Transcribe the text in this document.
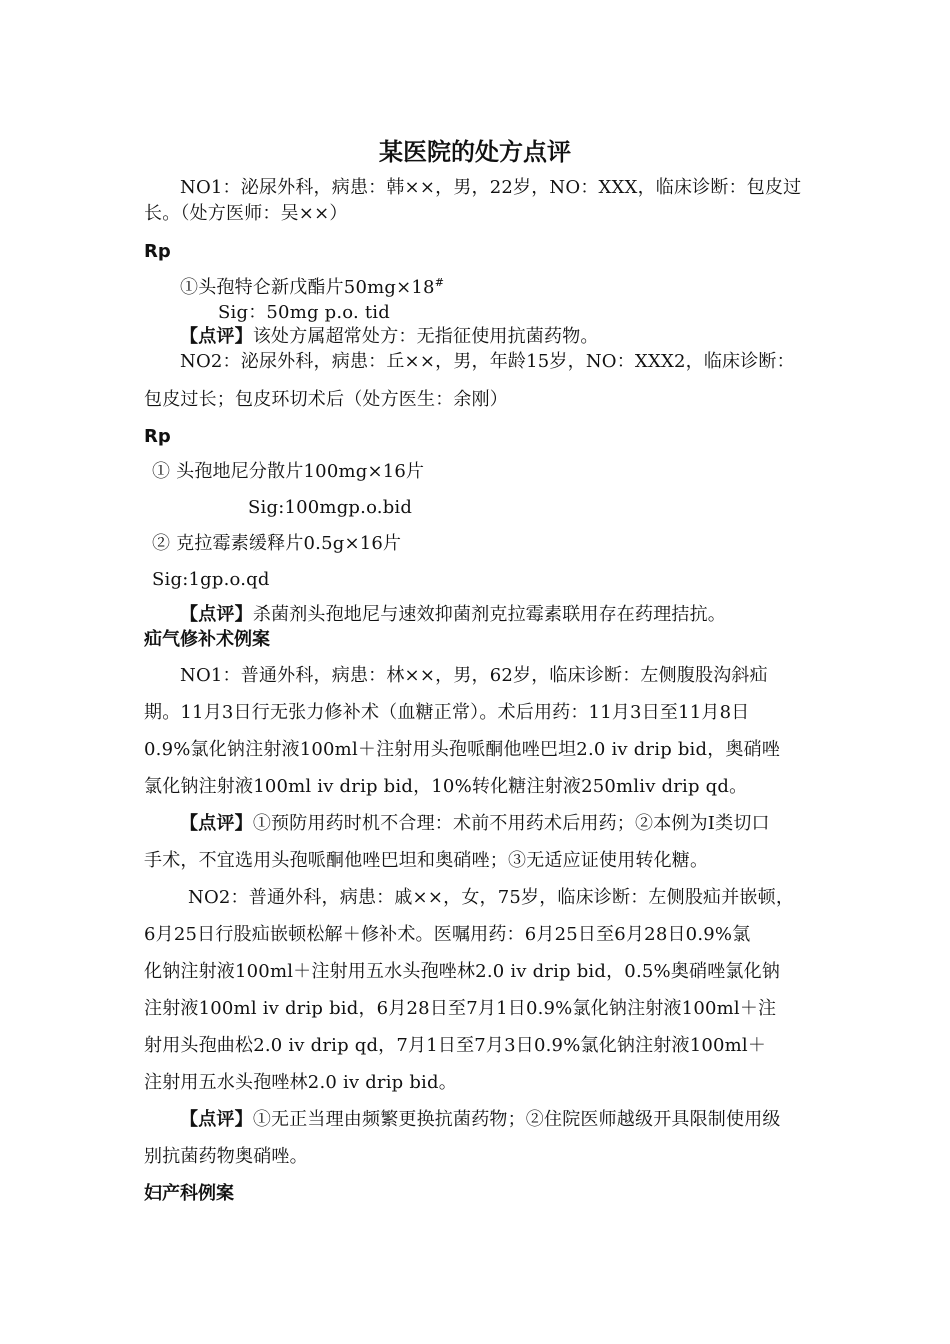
某医院的处方点评
NO1：泌尿外科，病患：韩××，男，22岁，NO：XXX，临床诊断：包皮过
长。（处方医师：吴××）
Rp
①头孢特仑新戊酯片50mg×18#
Sig：50mg p.o. tid
【点评】该处方属超常处方：无指征使用抗菌药物。
NO2：泌尿外科，病患：丘××，男，年龄15岁，NO：XXX2，临床诊断：
包皮过长；包皮环切术后（处方医生：余刚）
Rp
① 头孢地尼分散片100mg×16片
Sig:100mgp.o.bid
② 克拉霉素缓释片0.5g×16片
Sig:1gp.o.qd
【点评】杀菌剂头孢地尼与速效抑菌剂克拉霉素联用存在药理拮抗。
疝气修补术例案
NO1：普通外科，病患：林××，男，62岁，临床诊断：左侧腹股沟斜疝
期。11月3日行无张力修补术（血糖正常）。术后用药：11月3日至11月8日
0.9%氯化钠注射液100ml＋注射用头孢哌酮他唑巴坦2.0 iv drip bid，奥硝唑
氯化钠注射液100ml iv drip bid，10%转化糖注射液250mliv drip qd。
【点评】①预防用药时机不合理：术前不用药术后用药；②本例为Ⅰ类切口
手术，不宜选用头孢哌酮他唑巴坦和奥硝唑；③无适应证使用转化糖。
NO2：普通外科，病患：戚××，女，75岁，临床诊断：左侧股疝并嵌顿，
6月25日行股疝嵌顿松解＋修补术。医嘱用药：6月25日至6月28日0.9%氯
化钠注射液100ml＋注射用五水头孢唑林2.0 iv drip bid，0.5%奥硝唑氯化钠
注射液100ml iv drip bid，6月28日至7月1日0.9%氯化钠注射液100ml＋注
射用头孢曲松2.0 iv drip qd，7月1日至7月3日0.9%氯化钠注射液100ml＋
注射用五水头孢唑林2.0 iv drip bid。
【点评】①无正当理由频繁更换抗菌药物；②住院医师越级开具限制使用级
别抗菌药物奥硝唑。
妇产科例案
